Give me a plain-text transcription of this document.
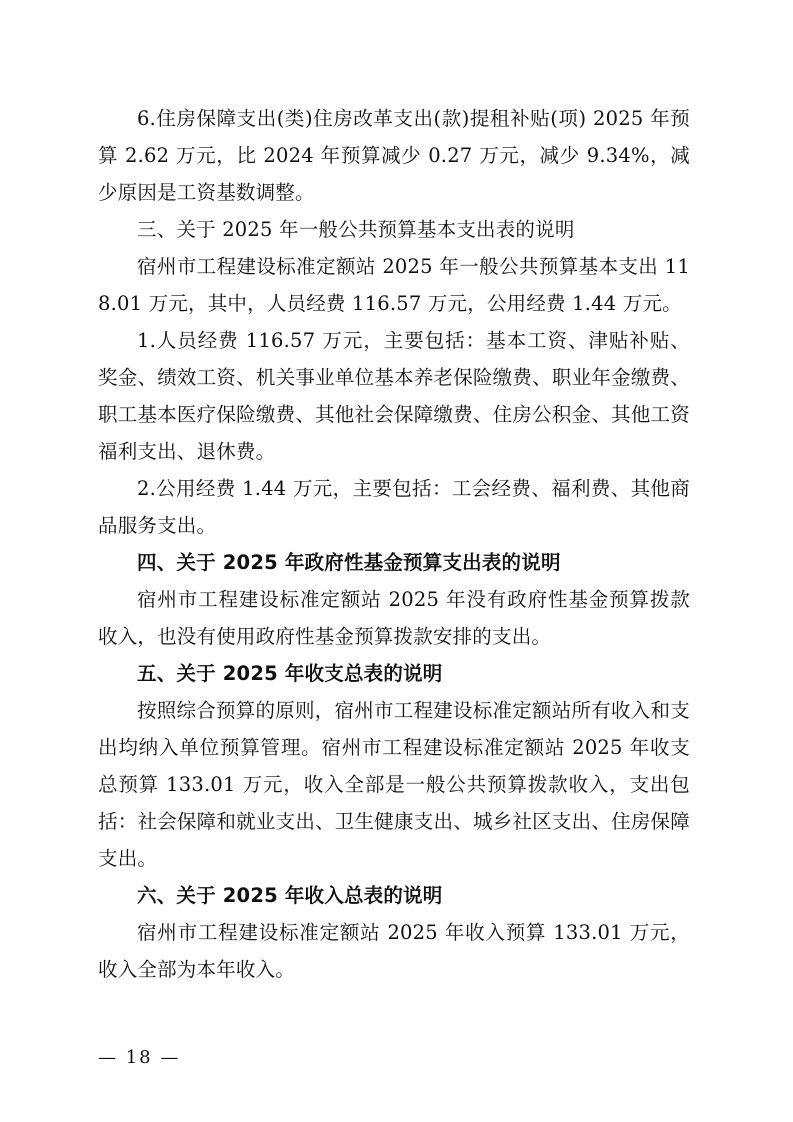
6.住房保障支出(类)住房改革支出(款)提租补贴(项) 2025 年预算 2.62 万元，比 2024 年预算减少 0.27 万元，减少 9.34%，减少原因是工资基数调整。

三、关于 2025 年一般公共预算基本支出表的说明

宿州市工程建设标准定额站 2025 年一般公共预算基本支出 118.01 万元，其中，人员经费 116.57 万元，公用经费 1.44 万元。

1.人员经费 116.57 万元，主要包括：基本工资、津贴补贴、奖金、绩效工资、机关事业单位基本养老保险缴费、职业年金缴费、职工基本医疗保险缴费、其他社会保障缴费、住房公积金、其他工资福利支出、退休费。

2.公用经费 1.44 万元，主要包括：工会经费、福利费、其他商品服务支出。

四、关于 2025 年政府性基金预算支出表的说明

宿州市工程建设标准定额站 2025 年没有政府性基金预算拨款收入，也没有使用政府性基金预算拨款安排的支出。

五、关于 2025 年收支总表的说明

按照综合预算的原则，宿州市工程建设标准定额站所有收入和支出均纳入单位预算管理。宿州市工程建设标准定额站 2025 年收支总预算 133.01 万元，收入全部是一般公共预算拨款收入，支出包括：社会保障和就业支出、卫生健康支出、城乡社区支出、住房保障支出。

六、关于 2025 年收入总表的说明

宿州市工程建设标准定额站 2025 年收入预算 133.01 万元，收入全部为本年收入。

— 18 —
